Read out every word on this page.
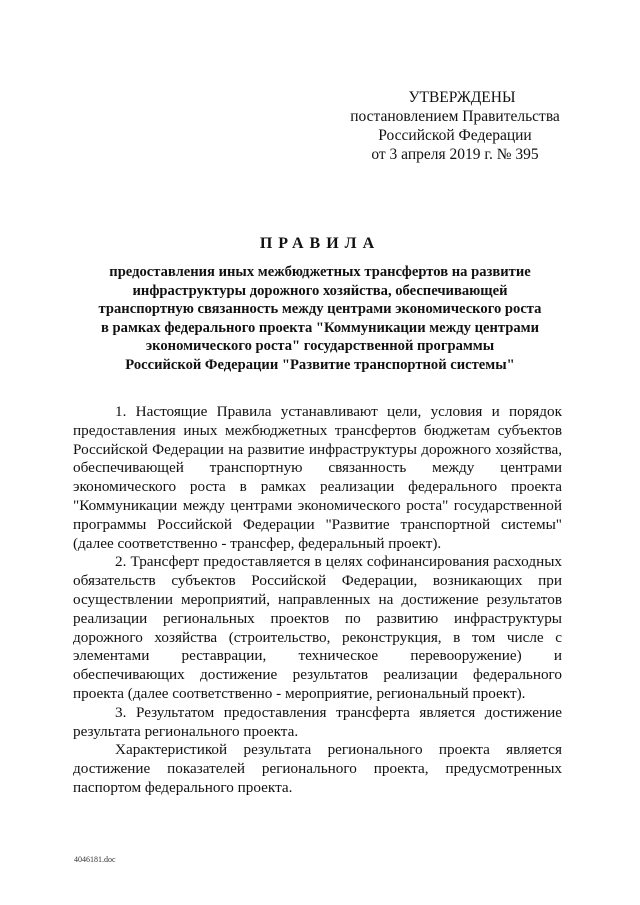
УТВЕРЖДЕНЫ
постановлением Правительства
Российской Федерации
от 3 апреля 2019 г. № 395
ПРАВИЛА
предоставления иных межбюджетных трансфертов на развитие
инфраструктуры дорожного хозяйства, обеспечивающей
транспортную связанность между центрами экономического роста
в рамках федерального проекта "Коммуникации между центрами
экономического роста" государственной программы
Российской Федерации "Развитие транспортной системы"

1. Настоящие Правила устанавливают цели, условия и порядок предоставления иных межбюджетных трансфертов бюджетам субъектов Российской Федерации на развитие инфраструктуры дорожного хозяйства, обеспечивающей транспортную связанность между центрами экономического роста в рамках реализации федерального проекта "Коммуникации между центрами экономического роста" государственной программы Российской Федерации "Развитие транспортной системы" (далее соответственно - трансфер, федеральный проект).

2. Трансферт предоставляется в целях софинансирования расходных обязательств субъектов Российской Федерации, возникающих при осуществлении мероприятий, направленных на достижение результатов реализации региональных проектов по развитию инфраструктуры дорожного хозяйства (строительство, реконструкция, в том числе с элементами реставрации, техническое перевооружение) и обеспечивающих достижение результатов реализации федерального проекта (далее соответственно - мероприятие, региональный проект).

3. Результатом предоставления трансферта является достижение результата регионального проекта.

Характеристикой результата регионального проекта является достижение показателей регионального проекта, предусмотренных паспортом федерального проекта.

4046181.doc
